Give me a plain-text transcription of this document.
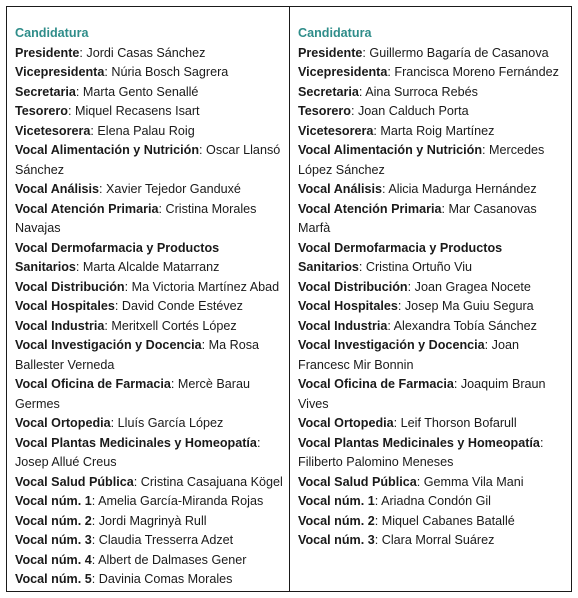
Candidatura

Presidente: Jordi Casas Sánchez

Vicepresidenta: Núria Bosch Sagrera

Secretaria: Marta Gento Senallé

Tesorero: Miquel Recasens Isart

Vicetesorera: Elena Palau Roig

Vocal Alimentación y Nutrición: Oscar Llansó Sánchez

Vocal Análisis: Xavier Tejedor Ganduxé

Vocal Atención Primaria: Cristina Morales Navajas

Vocal Dermofarmacia y Productos Sanitarios: Marta Alcalde Matarranz

Vocal Distribución: Ma Victoria Martínez Abad

Vocal Hospitales: David Conde Estévez

Vocal Industria: Meritxell Cortés López

Vocal Investigación y Docencia: Ma Rosa Ballester Verneda

Vocal Oficina de Farmacia: Mercè Barau Germes

Vocal Ortopedia: Lluís García López

Vocal Plantas Medicinales y Homeopatía: Josep Allué Creus

Vocal Salud Pública: Cristina Casajuana Kögel

Vocal núm. 1: Amelia García-Miranda Rojas

Vocal núm. 2: Jordi Magrinyà Rull

Vocal núm. 3: Claudia Tresserra Adzet

Vocal núm. 4: Albert de Dalmases Gener

Vocal núm. 5: Davinia Comas Morales

Candidatura

Presidente: Guillermo Bagaría de Casanova

Vicepresidenta: Francisca Moreno Fernández

Secretaria: Aina Surroca Rebés

Tesorero: Joan Calduch Porta

Vicetesorera: Marta Roig Martínez

Vocal Alimentación y Nutrición: Mercedes López Sánchez

Vocal Análisis: Alicia Madurga Hernández

Vocal Atención Primaria: Mar Casanovas Marfà

Vocal Dermofarmacia y Productos Sanitarios: Cristina Ortuño Viu

Vocal Distribución: Joan Gragea Nocete

Vocal Hospitales: Josep Ma Guiu Segura

Vocal Industria: Alexandra Tobía Sánchez

Vocal Investigación y Docencia: Joan Francesc Mir Bonnin

Vocal Oficina de Farmacia: Joaquim Braun Vives

Vocal Ortopedia: Leif Thorson Bofarull

Vocal Plantas Medicinales y Homeopatía: Filiberto Palomino Meneses

Vocal Salud Pública: Gemma Vila Mani

Vocal núm. 1: Ariadna Condón Gil

Vocal núm. 2: Miquel Cabanes Batallé

Vocal núm. 3: Clara Morral Suárez
